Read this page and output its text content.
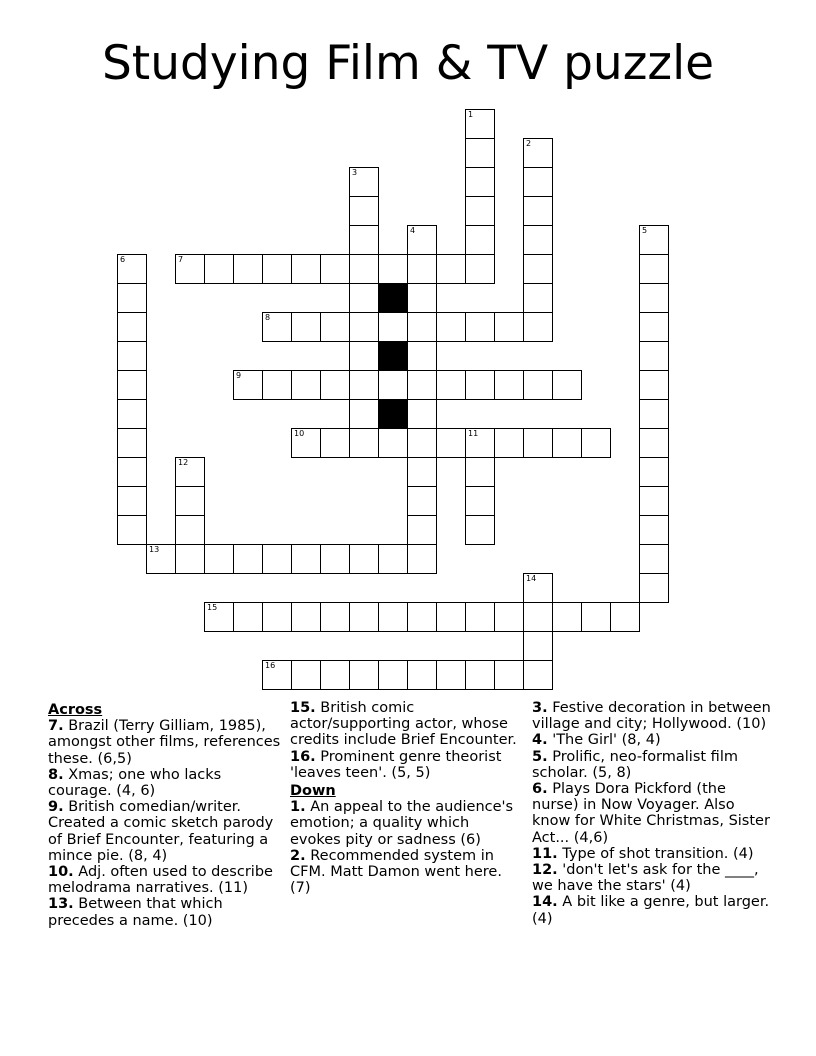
Studying Film & TV puzzle
1
2
3
4	5
6	7
8
9
10	11
12
13
14
15
16
Across

7. Brazil (Terry Gilliam, 1985), amongst other films, references these. (6,5)

8. Xmas; one who lacks courage. (4, 6)

9. British comedian/writer. Created a comic sketch parody of Brief Encounter, featuring a mince pie. (8, 4)

10. Adj. often used to describe melodrama narratives. (11)

13. Between that which precedes a name. (10)

15. British comic actor/supporting actor, whose credits include Brief Encounter.

16. Prominent genre theorist 'leaves teen'. (5, 5)

Down

1. An appeal to the audience's emotion; a quality which evokes pity or sadness (6)

2. Recommended system in CFM. Matt Damon went here. (7)

3. Festive decoration in between village and city; Hollywood. (10)

4. 'The Girl' (8, 4)

5. Prolific, neo-formalist film scholar. (5, 8)

6. Plays Dora Pickford (the nurse) in Now Voyager. Also know for White Christmas, Sister Act... (4,6)

11. Type of shot transition. (4)

12. 'don't let's ask for the ____, we have the stars' (4)

14. A bit like a genre, but larger. (4)
